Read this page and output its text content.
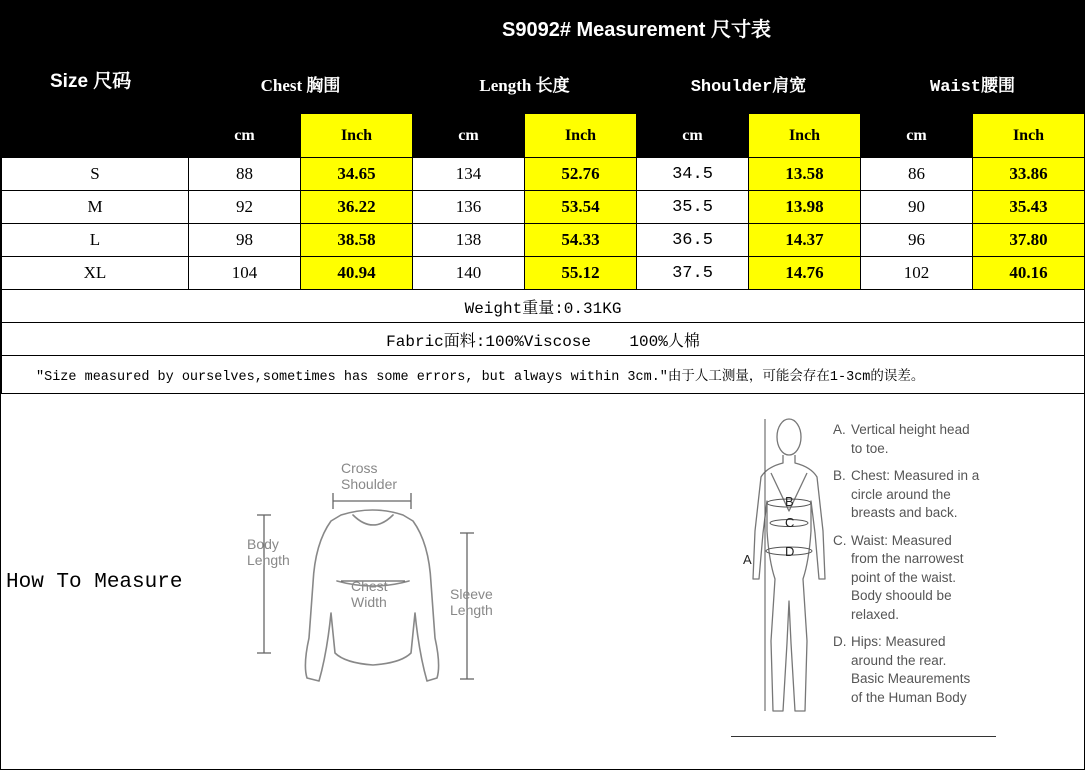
Size 尺码	S9092# Measurement 尺寸表							
	Chest 胸围		Length 长度		Shoulder肩宽		Waist腰围	
	cm	Inch	cm	Inch	cm	Inch	cm	Inch
S	88	34.65	134	52.76	34.5	13.58	86	33.86
M	92	36.22	136	53.54	35.5	13.98	90	35.43
L	98	38.58	138	54.33	36.5	14.37	96	37.80
XL	104	40.94	140	55.12	37.5	14.76	102	40.16
Weight重量:0.31KG								
Fabric面料:100%Viscose    100%人棉								
"Size measured by ourselves,sometimes has some errors, but always within 3cm."由于人工测量，可能会存在1-3cm的误差。								
How To Measure
Cross
Shoulder
Body
Length
Chest
Width	Sleeve
Length
A
B
C
D
A. Vertical height head
to toe.
B. Chest: Measured in a
circle around the
breasts and back.
C. Waist: Measured
from the narrowest
point of the waist.
Body shoould be
relaxed.
D. Hips: Measured
around the rear.
Basic Meaurements
of the Human Body
